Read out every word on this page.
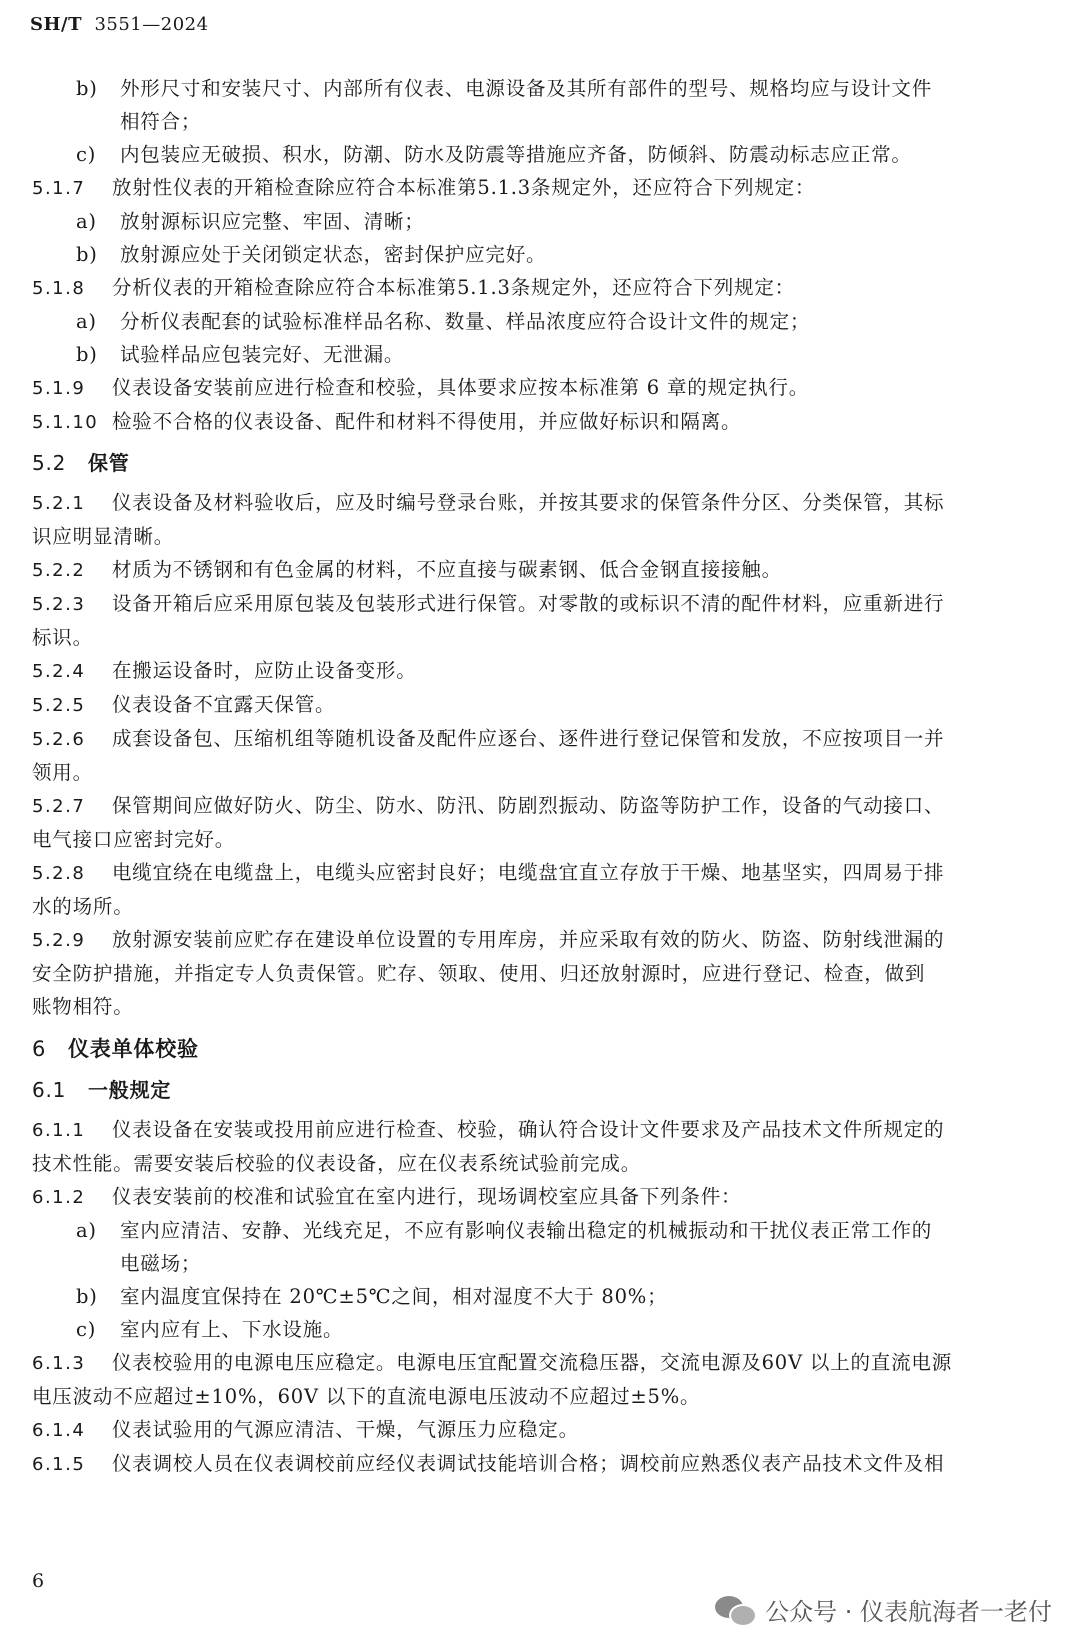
SH/T 3551—2024
b) 外形尺寸和安装尺寸、内部所有仪表、电源设备及其所有部件的型号、规格均应与设计文件
相符合；
c) 内包装应无破损、积水，防潮、防水及防震等措施应齐备，防倾斜、防震动标志应正常。
5.1.7 放射性仪表的开箱检查除应符合本标准第5.1.3条规定外，还应符合下列规定：
a) 放射源标识应完整、牢固、清晰；
b) 放射源应处于关闭锁定状态，密封保护应完好。
5.1.8 分析仪表的开箱检查除应符合本标准第5.1.3条规定外，还应符合下列规定：
a) 分析仪表配套的试验标准样品名称、数量、样品浓度应符合设计文件的规定；
b) 试验样品应包装完好、无泄漏。
5.1.9 仪表设备安装前应进行检查和校验，具体要求应按本标准第 6 章的规定执行。
5.1.10 检验不合格的仪表设备、配件和材料不得使用，并应做好标识和隔离。
5.2 保管
5.2.1 仪表设备及材料验收后，应及时编号登录台账，并按其要求的保管条件分区、分类保管，其标
识应明显清晰。
5.2.2 材质为不锈钢和有色金属的材料，不应直接与碳素钢、低合金钢直接接触。
5.2.3 设备开箱后应采用原包装及包装形式进行保管。对零散的或标识不清的配件材料，应重新进行
标识。
5.2.4 在搬运设备时，应防止设备变形。
5.2.5 仪表设备不宜露天保管。
5.2.6 成套设备包、压缩机组等随机设备及配件应逐台、逐件进行登记保管和发放，不应按项目一并
领用。
5.2.7 保管期间应做好防火、防尘、防水、防汛、防剧烈振动、防盗等防护工作，设备的气动接口、
电气接口应密封完好。
5.2.8 电缆宜绕在电缆盘上，电缆头应密封良好；电缆盘宜直立存放于干燥、地基坚实，四周易于排
水的场所。
5.2.9 放射源安装前应贮存在建设单位设置的专用库房，并应采取有效的防火、防盗、防射线泄漏的
安全防护措施，并指定专人负责保管。贮存、领取、使用、归还放射源时，应进行登记、检查，做到
账物相符。
6 仪表单体校验
6.1 一般规定
6.1.1 仪表设备在安装或投用前应进行检查、校验，确认符合设计文件要求及产品技术文件所规定的
技术性能。需要安装后校验的仪表设备，应在仪表系统试验前完成。
6.1.2 仪表安装前的校准和试验宜在室内进行，现场调校室应具备下列条件：
a) 室内应清洁、安静、光线充足，不应有影响仪表输出稳定的机械振动和干扰仪表正常工作的
电磁场；
b) 室内温度宜保持在 20℃±5℃之间，相对湿度不大于 80%；
c) 室内应有上、下水设施。
6.1.3 仪表校验用的电源电压应稳定。电源电压宜配置交流稳压器，交流电源及60V 以上的直流电源
电压波动不应超过±10%，60V 以下的直流电源电压波动不应超过±5%。
6.1.4 仪表试验用的气源应清洁、干燥，气源压力应稳定。
6.1.5 仪表调校人员在仪表调校前应经仪表调试技能培训合格；调校前应熟悉仪表产品技术文件及相
6
公众号 · 仪表航海者一老付
